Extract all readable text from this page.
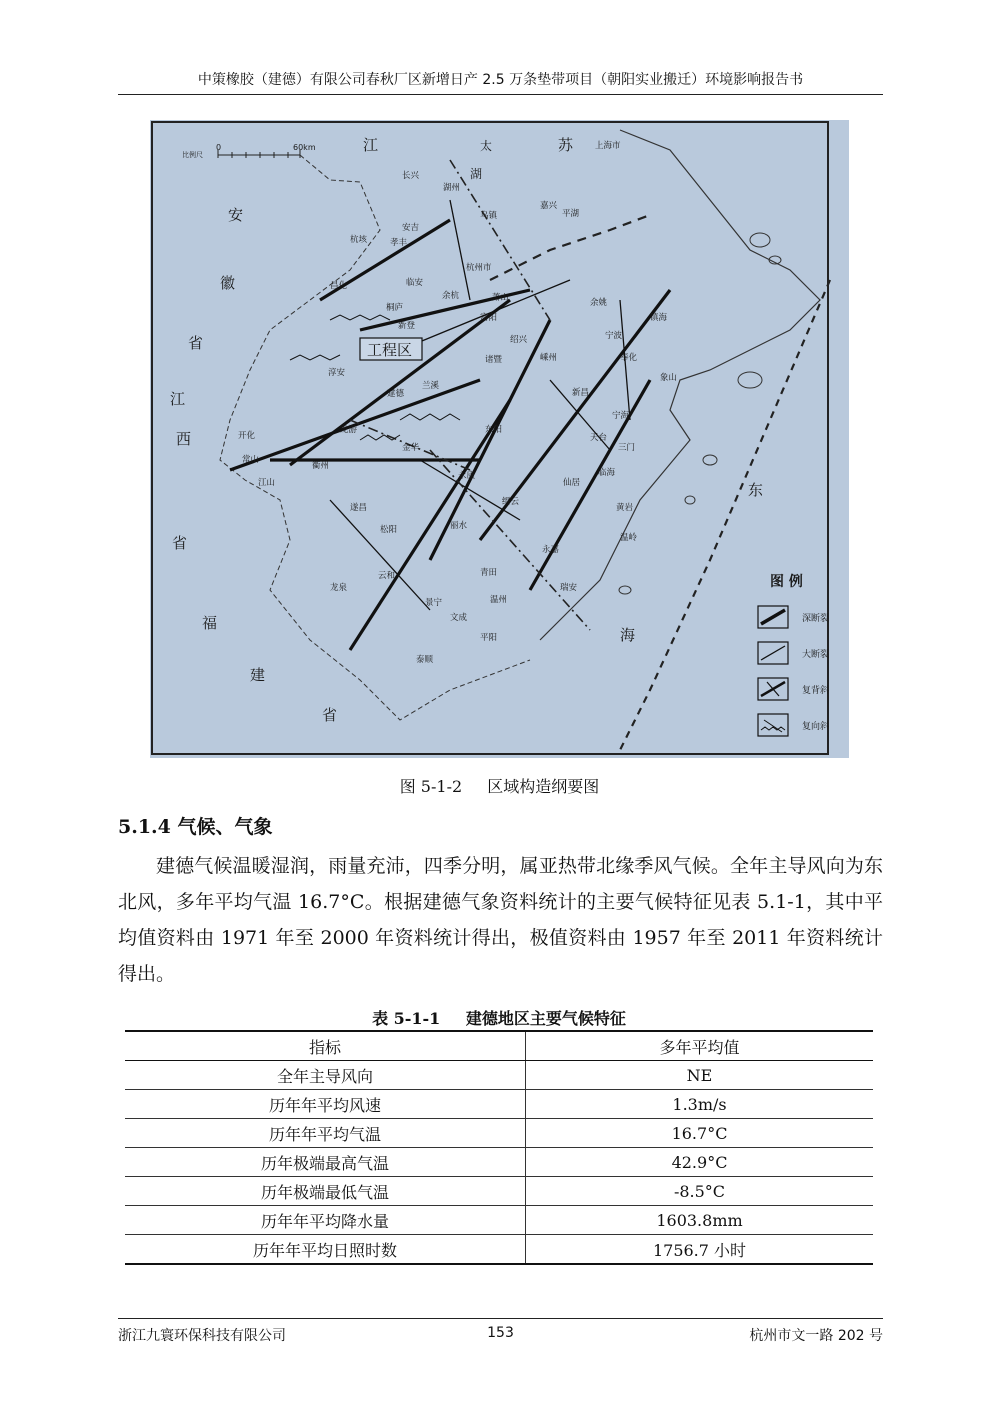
中策橡胶（建德）有限公司春秋厂区新增日产 2.5 万条垫带项目（朝阳实业搬迁）环境影响报告书
比例尺
0	60km
工程区
江	苏
安
徽
省
江
西
省
福
建
省
东
海
太
湖
上海市
长兴
湖州
嘉兴
平湖
乌镇
安吉
孝丰
杭垓
临安
杭州市
昌化
余杭	萧山
绍兴
余姚
宁波
镇海
淳安
桐庐
新登
富阳
诸暨	嵊州
新昌
奉化
宁海
象山
三门
天台
临海
仙居
黄岩
温岭
建德
兰溪
金华
东阳
永康
龙游
衢州
江山
常山
开化
遂昌
松阳	丽水
缙云
龙泉
景宁
云和
泰顺
平阳
温州
瑞安
永嘉
青田
文成
图 例
深断裂
大断裂
复背斜
复向斜
图 5-1-2 区域构造纲要图
5.1.4 气候、气象
建德气候温暖湿润，雨量充沛，四季分明，属亚热带北缘季风气候。全年主导风向为东北风，多年平均气温 16.7°C。根据建德气象资料统计的主要气候特征见表 5.1-1，其中平均值资料由 1971 年至 2000 年资料统计得出，极值资料由 1957 年至 2011 年资料统计得出。
表 5-1-1 建德地区主要气候特征
指标	多年平均值
全年主导风向	NE
历年年平均风速	1.3m/s
历年年平均气温	16.7°C
历年极端最高气温	42.9°C
历年极端最低气温	-8.5°C
历年年平均降水量	1603.8mm
历年年平均日照时数	1756.7 小时
浙江九寰环保科技有限公司	153	杭州市文一路 202 号
